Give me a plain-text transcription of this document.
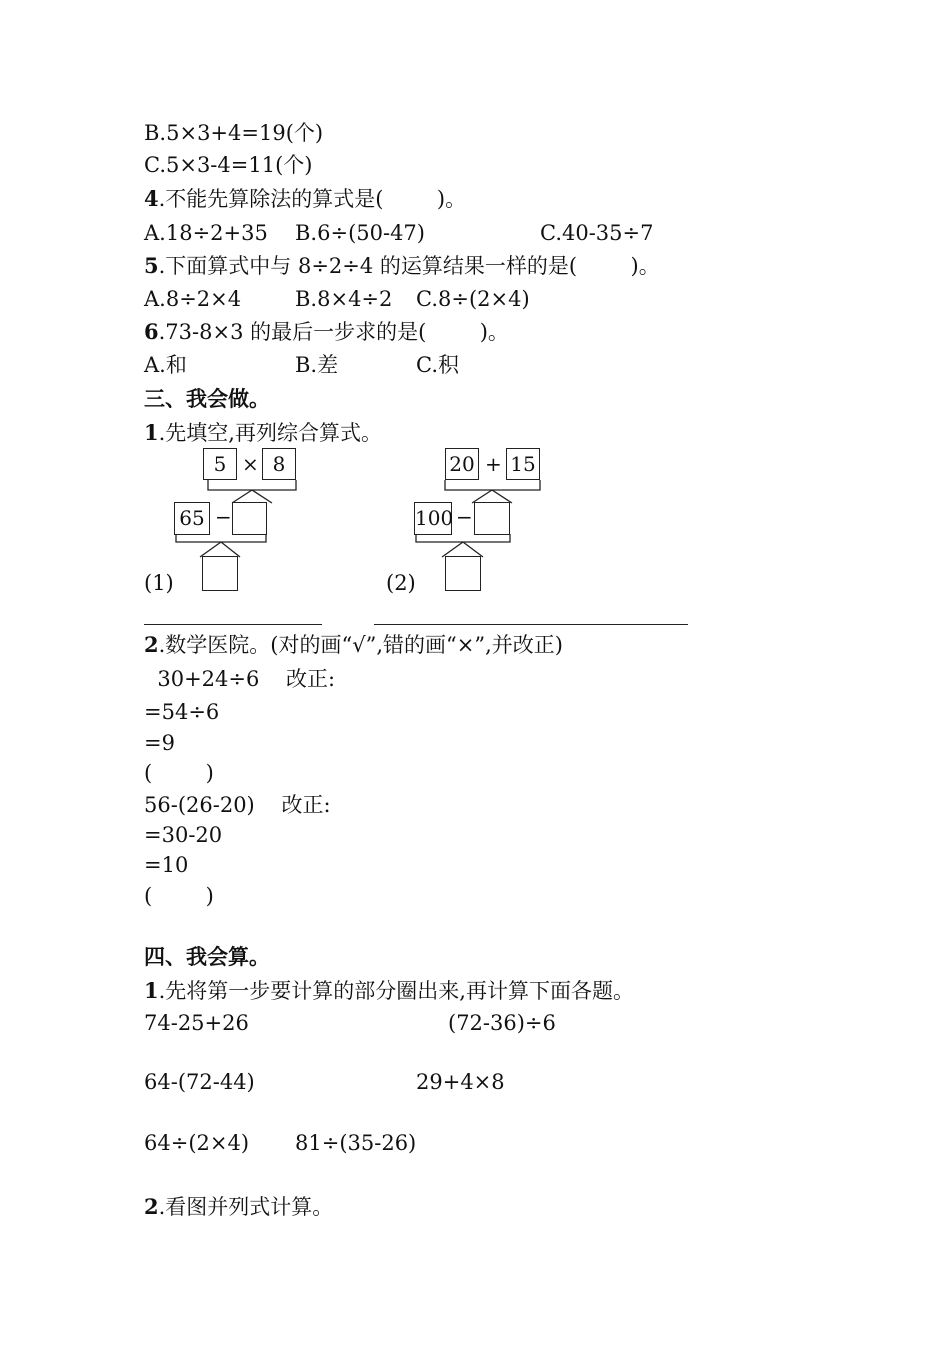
B.5×3+4=19(个)
C.5×3-4=11(个)
4.不能先算除法的算式是(        )。
A.18÷2+35 B.6÷(50-47)	C.40-35÷7
5.下面算式中与 8÷2÷4 的运算结果一样的是(        )。
A.8÷2×4	B.8×4÷2 C.8÷(2×4)
6.73-8×3 的最后一步求的是(        )。
A.和	B.差	C.积
三、我会做。
1.先填空,再列综合算式。
5 × 8
65 −
(1)
20 + 15
100 −
(2)
2.数学医院。(对的画“√”,错的画“×”,并改正)
30+24÷6    改正:
=54÷6
=9
(        )
56-(26-20)    改正:
=30-20
=10
(        )
四、我会算。
1.先将第一步要计算的部分圈出来,再计算下面各题。
74-25+26	(72-36)÷6
64-(72-44)	29+4×8
64÷(2×4) 81÷(35-26)
2.看图并列式计算。
